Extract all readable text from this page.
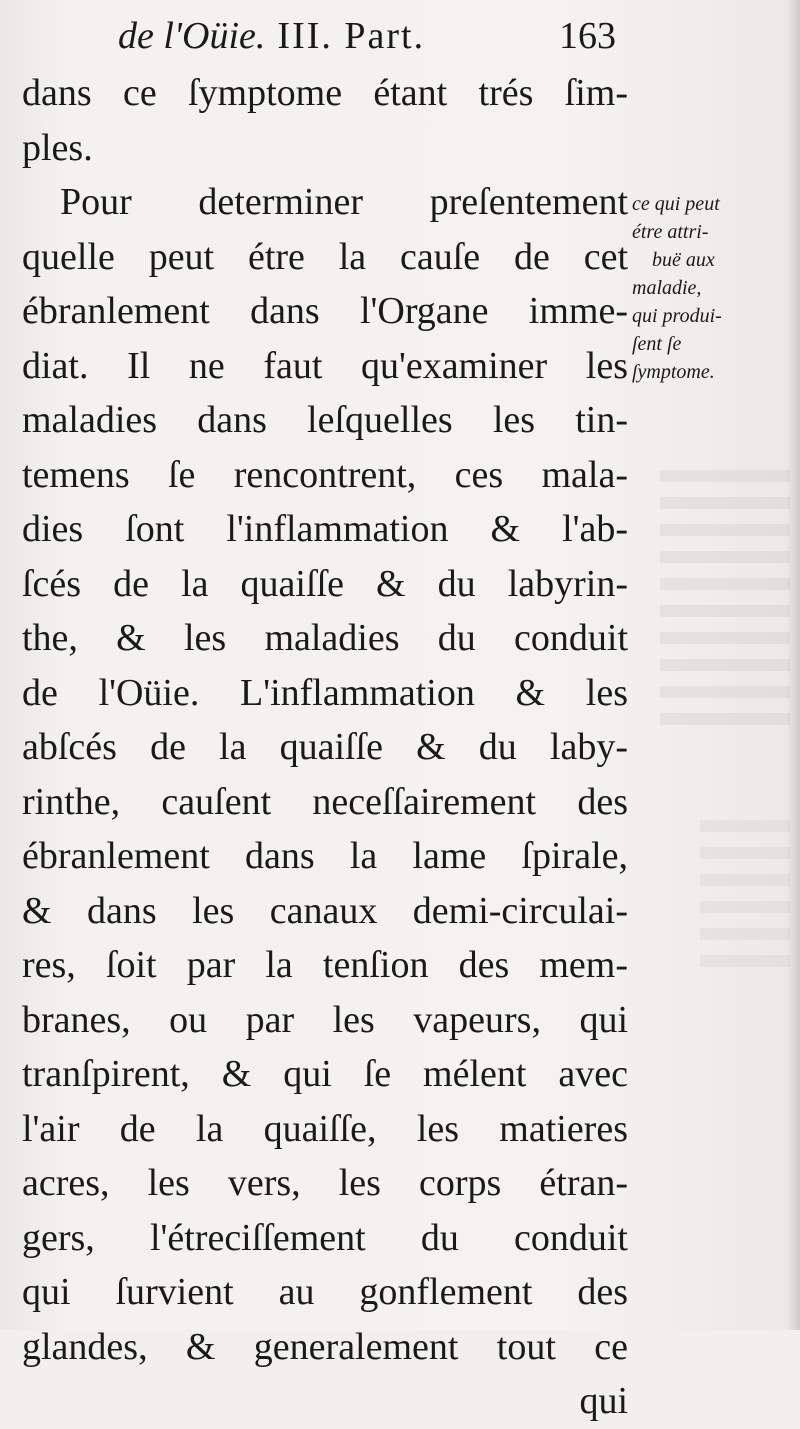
de l'Oüie. III. Part.	163
dans ce ſymptome étant trés ſim-
ples.
Pour determiner preſentement
quelle peut étre la cauſe de cet
ébranlement dans l'Organe imme-
diat. Il ne faut qu'examiner les
maladies dans leſquelles les tin-
temens ſe rencontrent, ces mala-
dies ſont l'inflammation & l'ab-
ſcés de la quaiſſe & du labyrin-
the, & les maladies du conduit
de l'Oüie. L'inflammation & les
abſcés de la quaiſſe & du laby-
rinthe, cauſent neceſſairement des
ébranlement dans la lame ſpirale,
& dans les canaux demi-circulai-
res, ſoit par la tenſion des mem-
branes, ou par les vapeurs, qui
tranſpirent, & qui ſe mélent avec
l'air de la quaiſſe, les matieres
acres, les vers, les corps étran-
gers, l'étreciſſement du conduit
qui ſurvient au gonflement des
glandes, & generalement tout ce
qui
ce qui peut
étre attri-
buë aux
maladie,
qui produi-
ſent ſe
ſymptome.
